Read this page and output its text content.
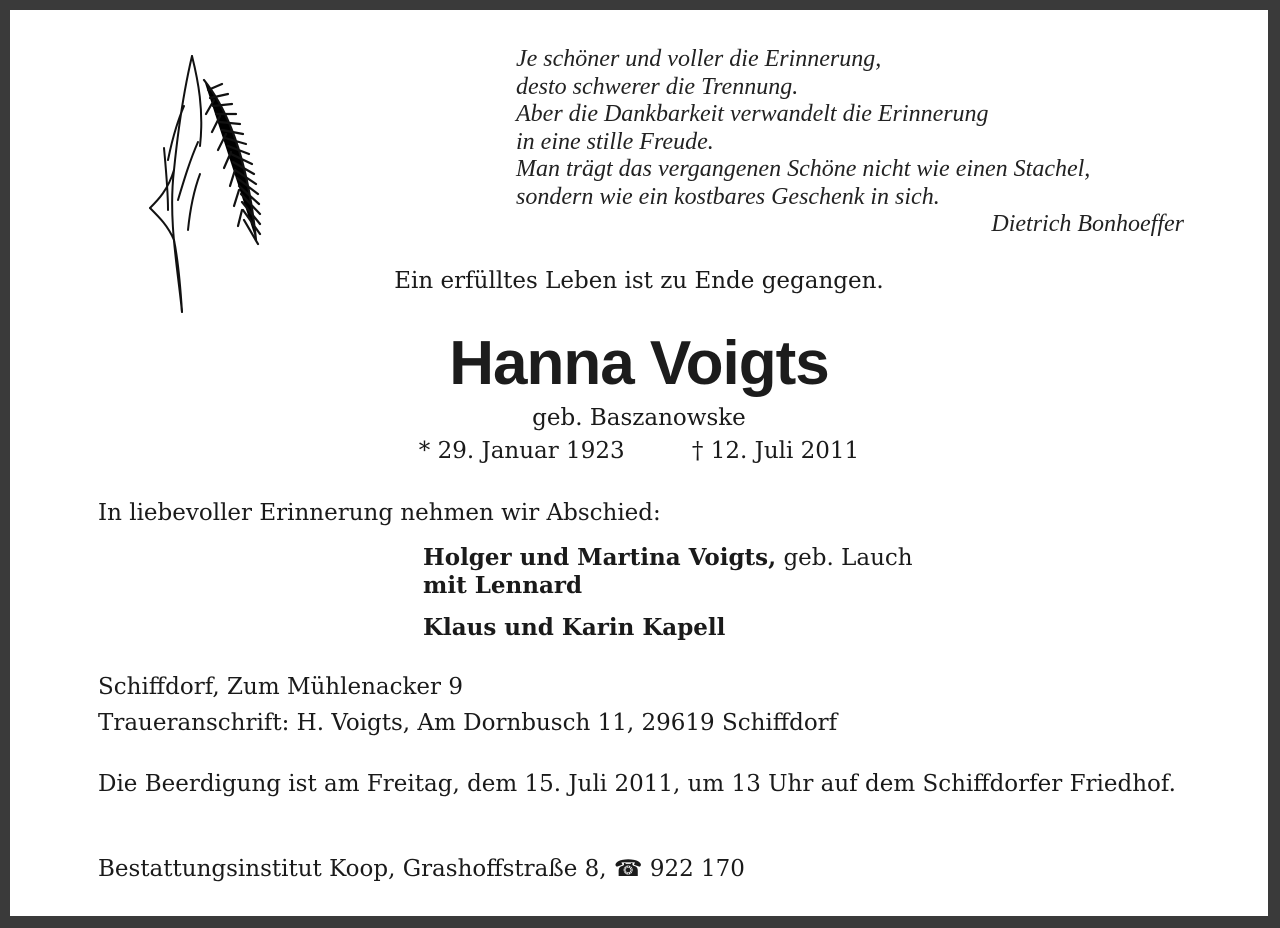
Je schöner und voller die Erinnerung,
desto schwerer die Trennung.
Aber die Dankbarkeit verwandelt die Erinnerung
in eine stille Freude.
Man trägt das vergangenen Schöne nicht wie einen Stachel,
sondern wie ein kostbares Geschenk in sich.
Dietrich Bonhoeffer
Ein erfülltes Leben ist zu Ende gegangen.
Hanna Voigts
geb. Baszanowske
* 29. Januar 1923	† 12. Juli 2011
In liebevoller Erinnerung nehmen wir Abschied:
Holger und Martina Voigts, geb. Lauch
mit Lennard
Klaus und Karin Kapell
Schiffdorf, Zum Mühlenacker 9
Traueranschrift: H. Voigts, Am Dornbusch 11, 29619 Schiffdorf
Die Beerdigung ist am Freitag, dem 15. Juli 2011, um 13 Uhr auf dem Schiffdorfer Friedhof.
Bestattungsinstitut Koop, Grashoffstraße 8, ☎ 922 170
